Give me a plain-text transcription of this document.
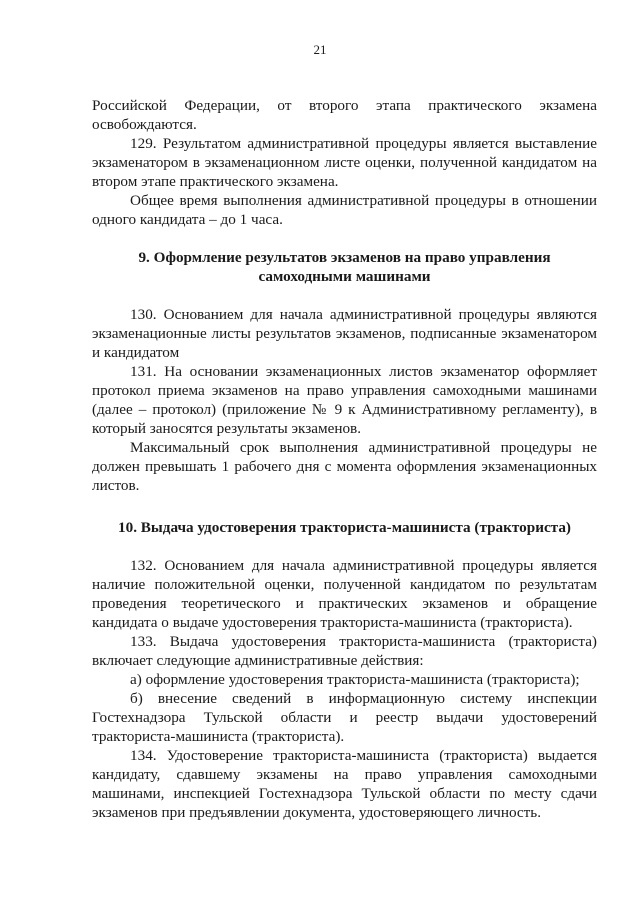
21

Российской Федерации, от второго этапа практического экзамена освобождаются.

129. Результатом административной процедуры является выставление экзаменатором в экзаменационном листе оценки, полученной кандидатом на втором этапе практического экзамена.

Общее время выполнения административной процедуры в отношении одного кандидата – до 1 часа.

9. Оформление результатов экзаменов на право управления самоходными машинами

130. Основанием для начала административной процедуры являются экзаменационные листы результатов экзаменов, подписанные экзаменатором и кандидатом

131. На основании экзаменационных листов экзаменатор оформляет протокол приема экзаменов на право управления самоходными машинами (далее – протокол) (приложение № 9 к Административному регламенту), в который заносятся результаты экзаменов.

Максимальный срок выполнения административной процедуры не должен превышать 1 рабочего дня с момента оформления экзаменационных листов.

10. Выдача удостоверения тракториста-машиниста (тракториста)

132. Основанием для начала административной процедуры является наличие положительной оценки, полученной кандидатом по результатам проведения теоретического и практических экзаменов и обращение кандидата о выдаче удостоверения тракториста-машиниста (тракториста).

133. Выдача удостоверения тракториста-машиниста (тракториста) включает следующие административные действия:

а) оформление удостоверения тракториста-машиниста (тракториста);

б) внесение сведений в информационную систему инспекции Гостехнадзора Тульской области и реестр выдачи удостоверений тракториста-машиниста (тракториста).

134. Удостоверение тракториста-машиниста (тракториста) выдается кандидату, сдавшему экзамены на право управления самоходными машинами, инспекцией Гостехнадзора Тульской области по месту сдачи экзаменов при предъявлении документа, удостоверяющего личность.
